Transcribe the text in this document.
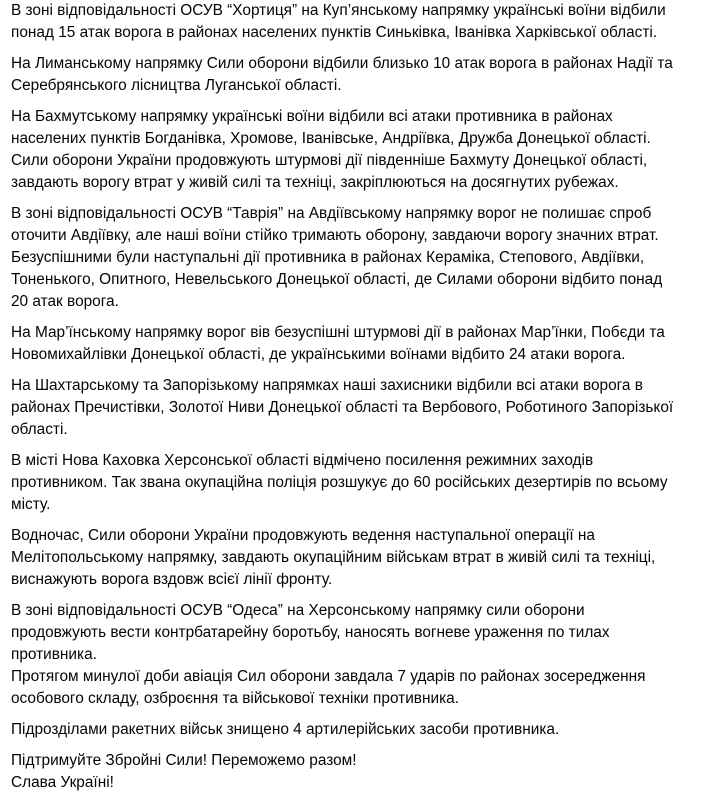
В зоні відповідальності ОСУВ “Хортиця” на Куп’янському напрямку українські воїни відбили
понад 15 атак ворога в районах населених пунктів Синьківка, Іванівка Харківської області.
На Лиманському напрямку Сили оборони відбили близько 10 атак ворога в районах Надії та
Серебрянського лісництва Луганської області.
На Бахмутському напрямку українські воїни відбили всі атаки противника в районах
населених пунктів Богданівка, Хромове, Іванівське, Андріївка, Дружба Донецької області.
Сили оборони України продовжують штурмові дії південніше Бахмуту Донецької області,
завдають ворогу втрат у живій силі та техніці, закріплюються на досягнутих рубежах.
В зоні відповідальності ОСУВ “Таврія” на Авдіївському напрямку ворог не полишає спроб
оточити Авдіївку, але наші воїни стійко тримають оборону, завдаючи ворогу значних втрат.
Безуспішними були наступальні дії противника в районах Кераміка, Степового, Авдіївки,
Тоненького, Опитного, Невельського Донецької області, де Силами оборони відбито понад
20 атак ворога.
На Мар’їнському напрямку ворог вів безуспішні штурмові дії в районах Мар’їнки, Побєди та
Новомихайлівки Донецької області, де українськими воїнами відбито 24 атаки ворога.
На Шахтарському та Запорізькому напрямках наші захисники відбили всі атаки ворога в
районах Пречистівки, Золотої Ниви Донецької області та Вербового, Роботиного Запорізької
області.
В місті Нова Каховка Херсонської області відмічено посилення режимних заходів
противником. Так звана окупаційна поліція розшукує до 60 російських дезертирів по всьому
місту.
Водночас, Сили оборони України продовжують ведення наступальної операції на
Мелітопольському напрямку, завдають окупаційним військам втрат в живій силі та техніці,
виснажують ворога вздовж всієї лінії фронту.
В зоні відповідальності ОСУВ “Одеса” на Херсонському напрямку сили оборони
продовжують вести контрбатарейну боротьбу, наносять вогневе ураження по тилах
противника.
Протягом минулої доби авіація Сил оборони завдала 7 ударів по районах зосередження
особового складу, озброєння та військової техніки противника.
Підрозділами ракетних військ знищено 4 артилерійських засоби противника.
Підтримуйте Збройні Сили! Переможемо разом!
Слава Україні!
